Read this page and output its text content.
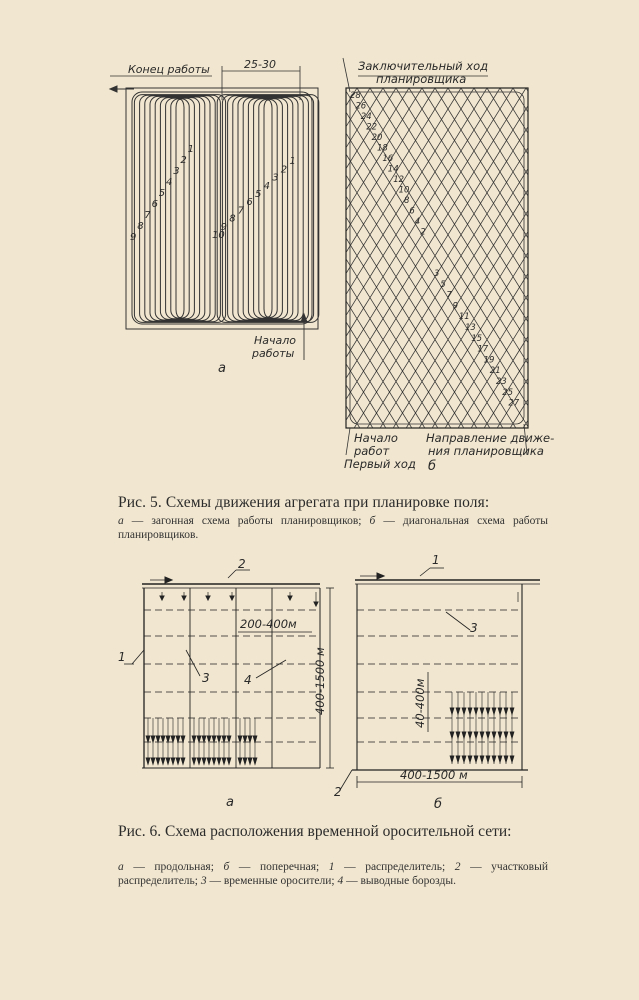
Конец работы	25-30
Начало
работы
а
1
2
3
4
5
6
7
8
9
1
2
3
4
5
6
7
8
9
10
28
26
24
22
20
18
16
14
12
10
8
6
4
2
3
5
7
9
11
13
15
17
19
21
23
25
27
Заключительный ход
планировщика
Начало
работ
Первый ход
Направление движе-
ния планировщика
б
Рис. 5. Схемы движения агрегата при планировке поля:
а — загонная схема работы планировщиков; б — диагональная схема работы планировщиков.
2
1
3	4
200-400м
400-1500 м
а
1
3
2
40-400м
400-1500 м
б
Рис. 6. Схема расположения временной оросительной сети:
а — продольная; б — поперечная; 1 — распределитель; 2 — участковый распределитель; 3 — временные оросители; 4 — выводные борозды.
